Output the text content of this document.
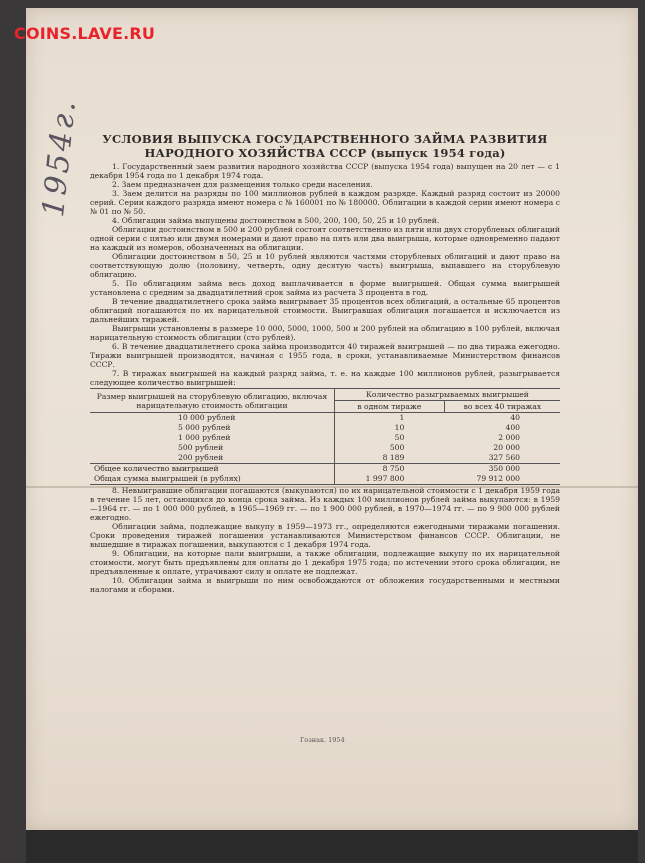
COINS.LAVE.RU
1954г.	УСЛОВИЯ ВЫПУСКА ГОСУДАРСТВЕННОГО ЗАЙМА РАЗВИТИЯ
НАРОДНОГО ХОЗЯЙСТВА СССР (выпуск 1954 года)

1. Государственный заем развития народного хозяйства СССР (выпуска 1954 года) выпущен на 20 лет — с 1 декабря 1954 года по 1 декабря 1974 года.

2. Заем предназначен для размещения только среди населения.

3. Заем делится на разряды по 100 миллионов рублей в каждом разряде. Каждый разряд состоит из 20000 серий. Серии каждого разряда имеют номера с № 160001 по № 180000. Облигации в каждой серии имеют номера с № 01 по № 50.

4. Облигации займа выпущены достоинством в 500, 200, 100, 50, 25 и 10 рублей.

Облигации достоинством в 500 и 200 рублей состоят соответственно из пяти или двух сторублевых облигаций одной серии с пятью или двумя номерами и дают право на пять или два выигрыша, которые одновременно падают на каждый из номеров, обозначенных на облигации.

Облигации достоинством в 50, 25 и 10 рублей являются частями сторублевых облигаций и дают право на соответствующую долю (половину, четверть, одну десятую часть) выигрыша, выпавшего на сторублевую облигацию.

5. По облигациям займа весь доход выплачивается в форме выигрышей. Общая сумма выигрышей установлена с средним за двадцатилетний срок займа из расчета 3 процента в год.

В течение двадцатилетнего срока займа выигрывает 35 процентов всех облигаций, а остальные 65 процентов облигаций погашаются по их нарицательной стоимости. Выигравшая облигация погашается и исключается из дальнейших тиражей.

Выигрыши установлены в размере 10 000, 5000, 1000, 500 и 200 рублей на облигацию в 100 рублей, включая нарицательную стоимость облигации (сто рублей).

6. В течение двадцатилетнего срока займа производится 40 тиражей выигрышей — по два тиража ежегодно. Тиражи выигрышей производятся, начиная с 1955 года, в сроки, устанавливаемые Министерством финансов СССР.

7. В тиражах выигрышей на каждый разряд займа, т. е. на каждые 100 миллионов рублей, разыгрывается следующее количество выигрышей:

Размер выигрышей на сторублевую облигацию, включая нарицательную стоимость облигации	Количество разыгрываемых выигрышей	
	в одном тираже	во всех 40 тиражах
10 000 рублей	1	40
5 000 рублей	10	400
1 000 рублей	50	2 000
500 рублей	500	20 000
200 рублей	8 189	327 560
Общее количество выигрышей	8 750	350 000
Общая сумма выигрышей (в рублях)	1 997 800	79 912 000

8. Невыигравшие облигации погашаются (выкупаются) по их нарицательной стоимости с 1 декабря 1959 года в течение 15 лет, остающихся до конца срока займа. Из каждых 100 миллионов рублей займа выкупаются: в 1959—1964 гг. — по 1 000 000 рублей, в 1965—1969 гг. — по 1 900 000 рублей, в 1970—1974 гг. — по 9 900 000 рублей ежегодно.

Облигации займа, подлежащие выкупу в 1959—1973 гг., определяются ежегодными тиражами погашения. Сроки проведения тиражей погашения устанавливаются Министерством финансов СССР. Облигации, не вышедшие в тиражах погашения, выкупаются с 1 декабря 1974 года.

9. Облигации, на которые пали выигрыши, а также облигации, подлежащие выкупу по их нарицательной стоимости, могут быть предъявлены для оплаты до 1 декабря 1975 года; по истечении этого срока облигации, не предъявленные к оплате, утрачивают силу и оплате не подлежат.

10. Облигации займа и выигрыши по ним освобождаются от обложения государственными и местными налогами и сборами.

Гознак. 1954
